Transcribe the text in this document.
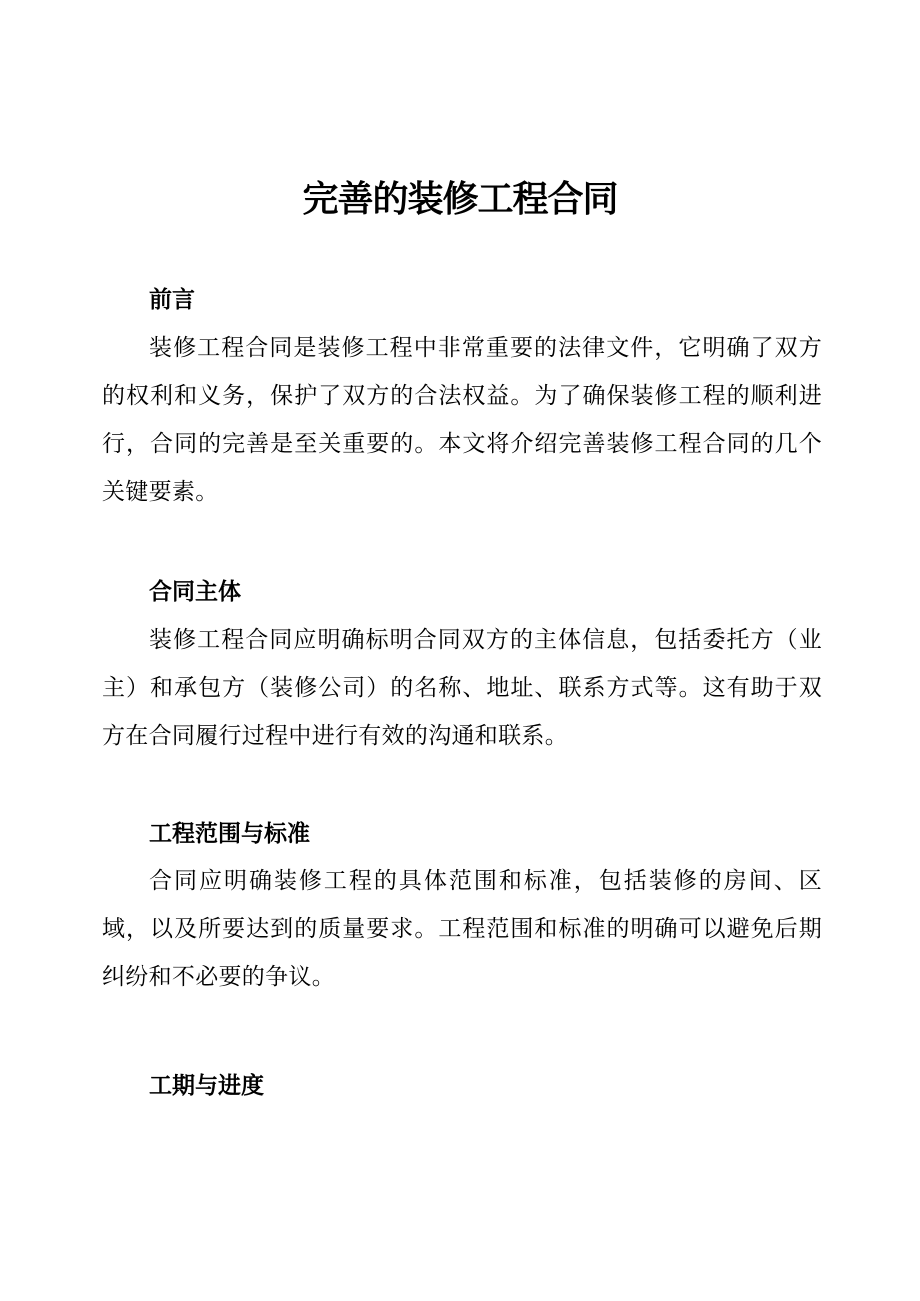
完善的装修工程合同
前言

装修工程合同是装修工程中非常重要的法律文件，它明确了双方的权利和义务，保护了双方的合法权益。为了确保装修工程的顺利进行，合同的完善是至关重要的。本文将介绍完善装修工程合同的几个关键要素。

合同主体

装修工程合同应明确标明合同双方的主体信息，包括委托方（业主）和承包方（装修公司）的名称、地址、联系方式等。这有助于双方在合同履行过程中进行有效的沟通和联系。

工程范围与标准

合同应明确装修工程的具体范围和标准，包括装修的房间、区域，以及所要达到的质量要求。工程范围和标准的明确可以避免后期纠纷和不必要的争议。

工期与进度
